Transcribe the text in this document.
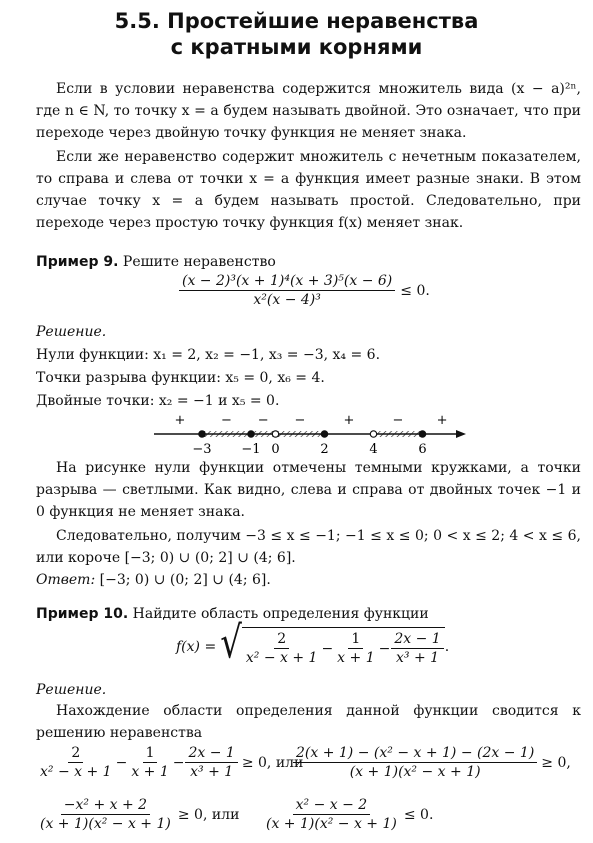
5.5. Простейшие неравенства
с кратными корнями
Если в условии неравенства содержится множитель вида (x − a)²ⁿ, где n ∈ N, то точку x = a будем называть двойной. Это означает, что при переходе через двойную точку функция не меняет знака.
Если же неравенство содержит множитель с нечетным показателем, то справа и слева от точки x = a функция имеет разные знаки. В этом случае точку x = a будем называть простой. Следовательно, при переходе через простую точку функция f(x) меняет знак.
Пример 9. Решите неравенство
$\frac{\text{(x − 2)³(x + 1)⁴(x + 3)⁵(x − 6)}}{\text{x²(x − 4)³}} \le 0$.
Решение.
Нули функции: x₁ = 2, x₂ = −1, x₃ = −3, x₄ = 6.
Точки разрыва функции: x₅ = 0, x₆ = 4.
Двойные точки: x₂ = −1 и x₅ = 0.
+	− − −	+	−	+
−3 −1 0	2	4	6
На рисунке нули функции отмечены темными кружками, а точки разрыва — светлыми. Как видно, слева и справа от двойных точек −1 и 0 функция не меняет знака.
Следовательно, получим −3 ≤ x ≤ −1; −1 ≤ x ≤ 0; 0 < x ≤ 2; 4 < x ≤ 6, или короче [−3; 0) ∪ (0; 2] ∪ (4; 6].
Ответ: [−3; 0) ∪ (0; 2] ∪ (4; 6].
Пример 10. Найдите область определения функции
f(x) = √ $\frac{2}{\text{x² − x + 1}} - \frac{1}{x + 1} - \frac{2x - 1}{\text{x³ + 1}}$ .
Решение.
Нахождение области определения данной функции сводится к решению неравенства
$\frac{2}{\text{x² − x + 1}} - \frac{1}{x + 1} - \frac{2x - 1}{\text{x³ + 1}} \ge 0$, или
$\frac{\text{2(x + 1) − (x² − x + 1) − (2x − 1)}}{\text{(x + 1)(x² − x + 1)}} \ge 0$,
$\frac{\text{−x² + x + 2}}{\text{(x + 1)(x² − x + 1)}} \ge 0$, или $\frac{\text{x² − x − 2}}{\text{(x + 1)(x² − x + 1)}} \le 0$.
